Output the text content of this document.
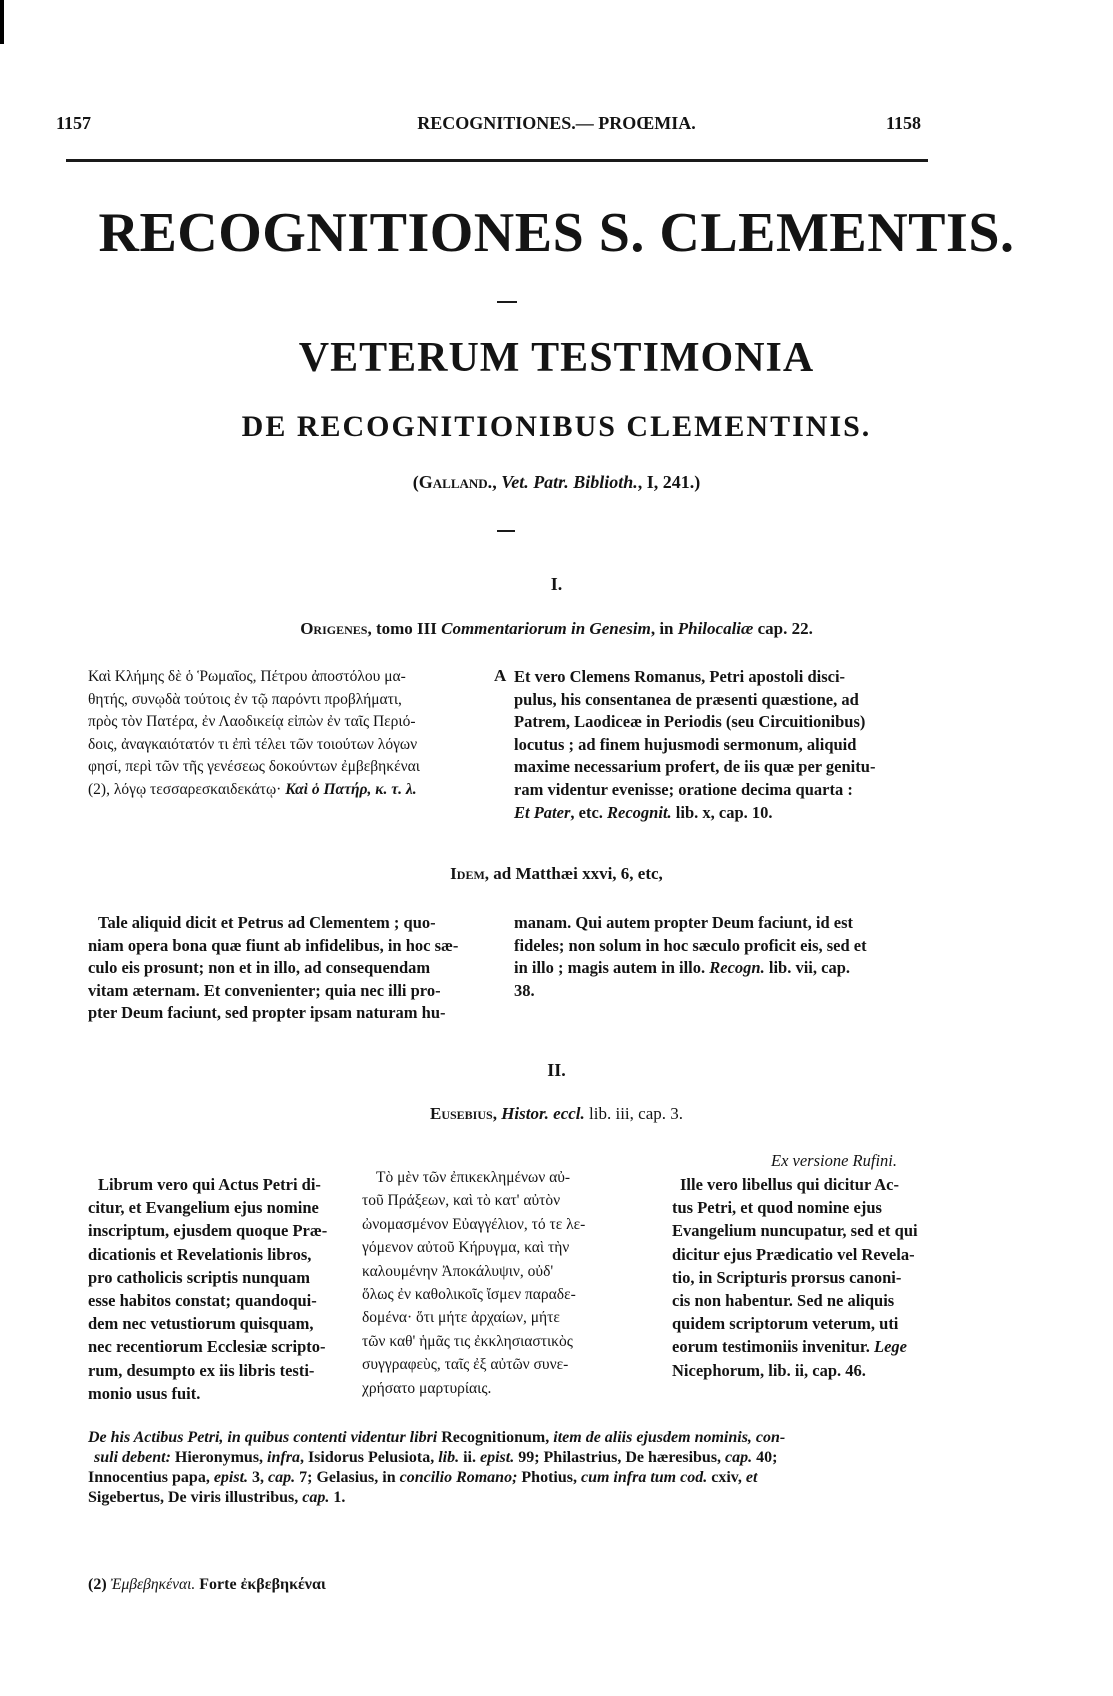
1157	RECOGNITIONES.— PROŒMIA.	1158
RECOGNITIONES S. CLEMENTIS.
VETERUM TESTIMONIA
DE RECOGNITIONIBUS CLEMENTINIS.
(Galland., Vet. Patr. Biblioth., I, 241.)
I.
Origenes, tomo III Commentariorum in Genesim, in Philocaliæ cap. 22.
Καὶ Κλήμης δὲ ὁ Ῥωμαῖος, Πέτρου ἀποστόλου μα-
θητής, συνῳδὰ τούτοις ἐν τῷ παρόντι προβλήματι,
πρὸς τὸν Πατέρα, ἐν Λαοδικείᾳ εἰπὼν ἐν ταῖς Περιό-
δοις, ἀναγκαιότατόν τι ἐπὶ τέλει τῶν τοιούτων λόγων
φησί, περὶ τῶν τῆς γενέσεως δοκούντων ἐμβεβηκέναι
(2), λόγῳ τεσσαρεσκαιδεκάτῳ· Καὶ ὁ Πατήρ, κ. τ. λ.
A Et vero Clemens Romanus, Petri apostoli disci-
pulus, his consentanea de præsenti quæstione, ad
Patrem, Laodiceæ in Periodis (seu Circuitionibus)
locutus ; ad finem hujusmodi sermonum, aliquid
maxime necessarium profert, de iis quæ per genitu-
ram videntur evenisse; oratione decima quarta :
Et Pater, etc. Recognit. lib. x, cap. 10.
Idem, ad Matthæi xxvi, 6, etc,
Tale aliquid dicit et Petrus ad Clementem ; quo-
niam opera bona quæ fiunt ab infidelibus, in hoc sæ-
culo eis prosunt; non et in illo, ad consequendam
vitam æternam. Et convenienter; quia nec illi pro-
pter Deum faciunt, sed propter ipsam naturam hu-
manam. Qui autem propter Deum faciunt, id est
fideles; non solum in hoc sæculo proficit eis, sed et
in illo ; magis autem in illo. Recogn. lib. vii, cap.
38.
II.
Eusebius, Histor. eccl. lib. iii, cap. 3.
Ex versione Rufini.
Librum vero qui Actus Petri di-
citur, et Evangelium ejus nomine
inscriptum, ejusdem quoque Præ-
dicationis et Revelationis libros,
pro catholicis scriptis nunquam
esse habitos constat; quandoqui-
dem nec vetustiorum quisquam,
nec recentiorum Ecclesiæ scripto-
rum, desumpto ex iis libris testi-
monio usus fuit.
Τὸ μὲν τῶν ἐπικεκλημένων αὐ-
τοῦ Πράξεων, καὶ τὸ κατ' αὐτὸν
ὠνομασμένον Εὐαγγέλιον, τό τε λε-
γόμενον αὐτοῦ Κήρυγμα, καὶ τὴν
καλουμένην Ἀποκάλυψιν, οὐδ'
ὅλως ἐν καθολικοῖς ἴσμεν παραδε-
δομένα· ὅτι μήτε ἀρχαίων, μήτε
τῶν καθ' ἡμᾶς τις ἐκκλησιαστικὸς
συγγραφεὺς, ταῖς ἐξ αὐτῶν συνε-
χρήσατο μαρτυρίαις.
Ille vero libellus qui dicitur Ac-
tus Petri, et quod nomine ejus
Evangelium nuncupatur, sed et qui
dicitur ejus Prædicatio vel Revela-
tio, in Scripturis prorsus canoni-
cis non habentur. Sed ne aliquis
quidem scriptorum veterum, uti
eorum testimoniis invenitur. Lege
Nicephorum, lib. ii, cap. 46.
De his Actibus Petri, in quibus contenti videntur libri Recognitionum, item de aliis ejusdem nominis, con-
suli debent: Hieronymus, infra, Isidorus Pelusiota, lib. ii. epist. 99; Philastrius, De hæresibus, cap. 40;
Innocentius papa, epist. 3, cap. 7; Gelasius, in concilio Romano; Photius, cum infra tum cod. cxiv, et
Sigebertus, De viris illustribus, cap. 1.
(2) Ἐμβεβηκέναι. Forte ἐκβεβηκέναι
